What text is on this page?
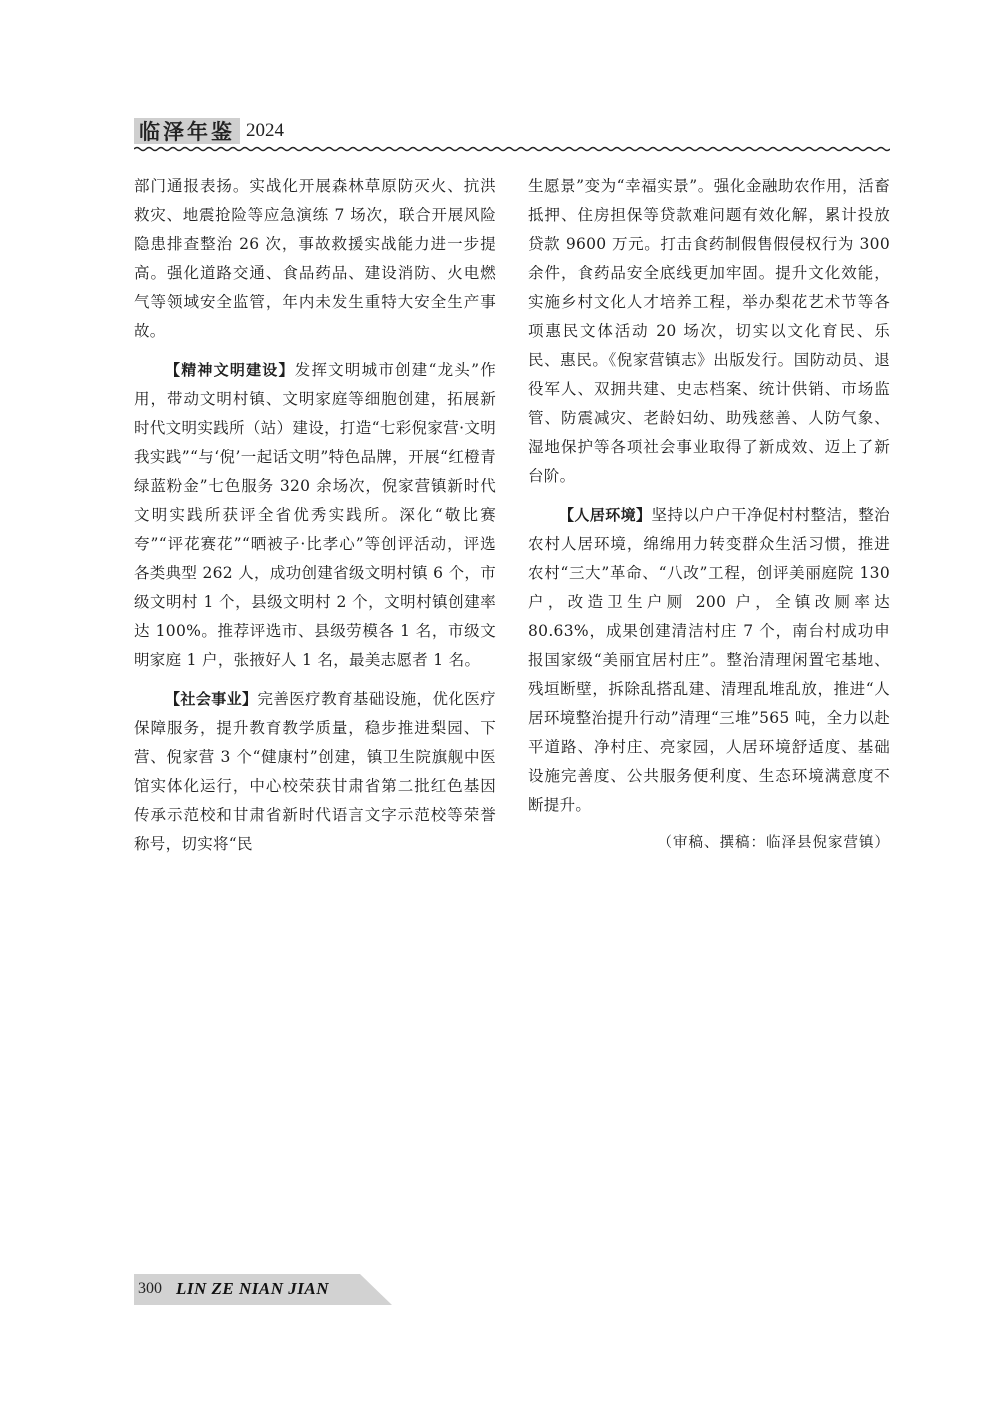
临泽年鉴 2024

部门通报表扬。实战化开展森林草原防灭火、抗洪救灾、地震抢险等应急演练 7 场次，联合开展风险隐患排查整治 26 次，事故救援实战能力进一步提高。强化道路交通、食品药品、建设消防、火电燃气等领域安全监管，年内未发生重特大安全生产事故。

【精神文明建设】发挥文明城市创建“龙头”作用，带动文明村镇、文明家庭等细胞创建，拓展新时代文明实践所（站）建设，打造“七彩倪家营·文明我实践”“与‘倪’一起话文明”特色品牌，开展“红橙青绿蓝粉金”七色服务 320 余场次，倪家营镇新时代文明实践所获评全省优秀实践所。深化“敬比赛夸”“评花赛花”“晒被子·比孝心”等创评活动，评选各类典型 262 人，成功创建省级文明村镇 6 个，市级文明村 1 个，县级文明村 2 个，文明村镇创建率达 100%。推荐评选市、县级劳模各 1 名，市级文明家庭 1 户，张掖好人 1 名，最美志愿者 1 名。

【社会事业】完善医疗教育基础设施，优化医疗保障服务，提升教育教学质量，稳步推进梨园、下营、倪家营 3 个“健康村”创建，镇卫生院旗舰中医馆实体化运行，中心校荣获甘肃省第二批红色基因传承示范校和甘肃省新时代语言文字示范校等荣誉称号，切实将“民

生愿景”变为“幸福实景”。强化金融助农作用，活畜抵押、住房担保等贷款难问题有效化解，累计投放贷款 9600 万元。打击食药制假售假侵权行为 300 余件，食药品安全底线更加牢固。提升文化效能，实施乡村文化人才培养工程，举办梨花艺术节等各项惠民文体活动 20 场次，切实以文化育民、乐民、惠民。《倪家营镇志》出版发行。国防动员、退役军人、双拥共建、史志档案、统计供销、市场监管、防震减灾、老龄妇幼、助残慈善、人防气象、湿地保护等各项社会事业取得了新成效、迈上了新台阶。

【人居环境】坚持以户户干净促村村整洁，整治农村人居环境，绵绵用力转变群众生活习惯，推进农村“三大”革命、“八改”工程，创评美丽庭院 130 户，改造卫生户厕 200 户，全镇改厕率达 80.63%，成果创建清洁村庄 7 个，南台村成功申报国家级“美丽宜居村庄”。整治清理闲置宅基地、残垣断壁，拆除乱搭乱建、清理乱堆乱放，推进“人居环境整治提升行动”清理“三堆”565 吨，全力以赴平道路、净村庄、亮家园，人居环境舒适度、基础设施完善度、公共服务便利度、生态环境满意度不断提升。

（审稿、撰稿：临泽县倪家营镇）

300 LIN ZE NIAN JIAN
